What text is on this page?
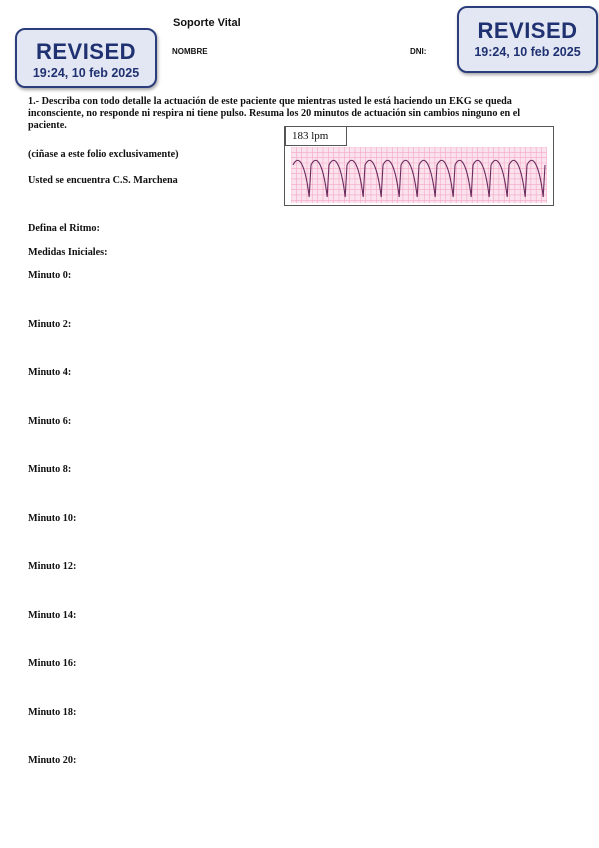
REVISED
19:24, 10 feb 2025
REVISED
19:24, 10 feb 2025
Soporte Vital
NOMBRE	DNI:

1.- Describa con todo detalle la actuación de este paciente que mientras usted le está haciendo un EKG se queda inconsciente, no responde ni respira ni tiene pulso. Resuma los 20 minutos de actuación sin cambios ninguno en el paciente.

183 lpm
(ciñase a este folio exclusivamente)
Usted se encuentra C.S. Marchena
Defina el Ritmo:
Medidas Iniciales:
Minuto 0:
Minuto 2:
Minuto 4:
Minuto 6:
Minuto 8:
Minuto 10:
Minuto 12:
Minuto 14:
Minuto 16:
Minuto 18:
Minuto 20:
